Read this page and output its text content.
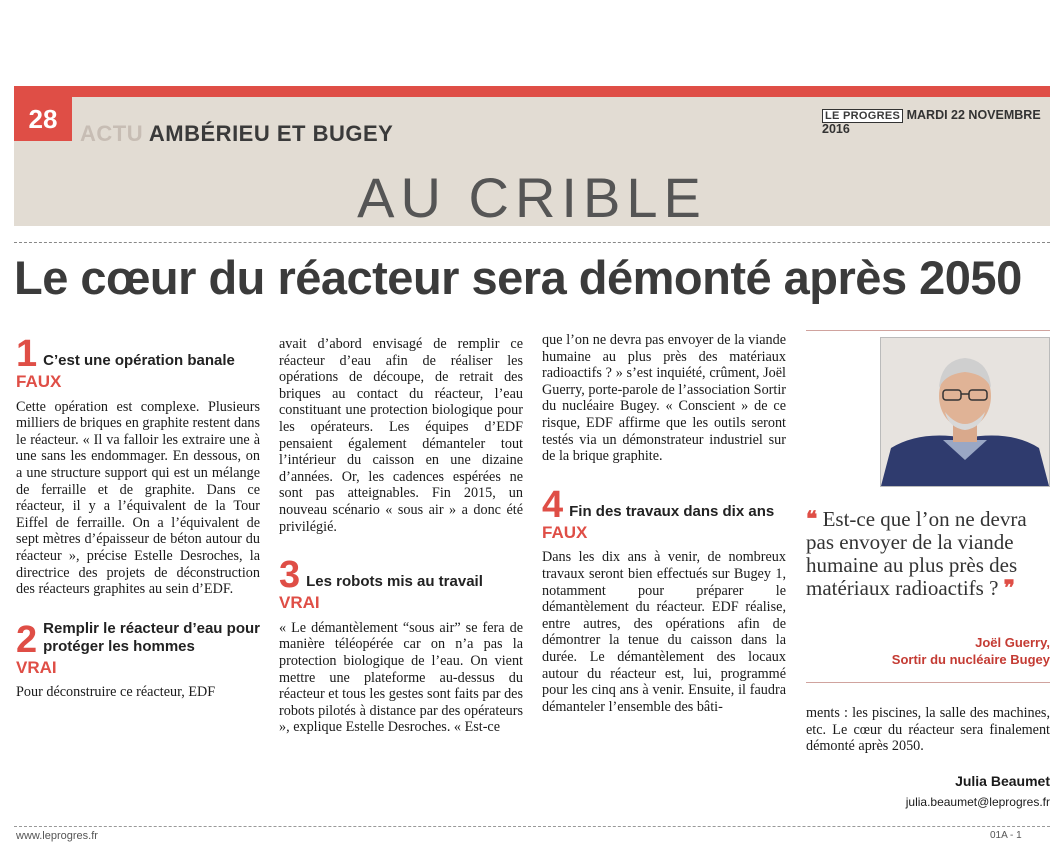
28	ACTU AMBÉRIEU ET BUGEY
LE PROGRES MARDI 22 NOVEMBRE 2016
AU CRIBLE
Le cœur du réacteur sera démonté après 2050
1 C’est une opération banale
FAUX

Cette opération est complexe. Plusieurs milliers de briques en graphite restent dans le réacteur. « Il va falloir les extraire une à une sans les endommager. En dessous, on a une structure support qui est un mélange de ferraille et de graphite. Dans ce réacteur, il y a l’équivalent de la Tour Eiffel de ferraille. On a l’équivalent de sept mètres d’épaisseur de béton autour du réacteur », précise Estelle Desroches, la directrice des projets de déconstruction des réacteurs graphites au sein d’EDF.

2 Remplir le réacteur d’eau pour protéger les hommes
VRAI

Pour déconstruire ce réacteur, EDF

avait d’abord envisagé de remplir ce réacteur d’eau afin de réaliser les opérations de découpe, de retrait des briques au contact du réacteur, l’eau constituant une protection biologique pour les opérateurs. Les équipes d’EDF pensaient également démanteler tout l’intérieur du caisson en une dizaine d’années. Or, les cadences espérées ne sont pas atteignables. Fin 2015, un nouveau scénario « sous air » a donc été privilégié.

3 Les robots mis au travail
VRAI

« Le démantèlement “sous air” se fera de manière téléopérée car on n’a pas la protection biologique de l’eau. On vient mettre une plateforme au-dessus du réacteur et tous les gestes sont faits par des robots pilotés à distance par des opérateurs », explique Estelle Desroches. « Est-ce

que l’on ne devra pas envoyer de la viande humaine au plus près des matériaux radioactifs ? » s’est inquiété, crûment, Joël Guerry, porte-parole de l’association Sortir du nucléaire Bugey. « Conscient » de ce risque, EDF affirme que les outils seront testés via un démonstrateur industriel sur de la brique graphite.

4 Fin des travaux dans dix ans
FAUX

Dans les dix ans à venir, de nombreux travaux seront bien effectués sur Bugey 1, notamment pour préparer le démantèlement du réacteur. EDF réalise, entre autres, des opérations afin de démontrer la tenue du caisson dans la durée. Le démantèlement des locaux autour du réacteur est, lui, programmé pour les cinq ans à venir. Ensuite, il faudra démanteler l’ensemble des bâti-

❝ Est-ce que l’on ne devra pas envoyer de la viande humaine au plus près des matériaux radioactifs ? ❞
Joël Guerry,
Sortir du nucléaire Bugey
ments : les piscines, la salle des machines, etc. Le cœur du réacteur sera finalement démonté après 2050.
Julia Beaumet
julia.beaumet@leprogres.fr
www.leprogres.fr	01A - 1
